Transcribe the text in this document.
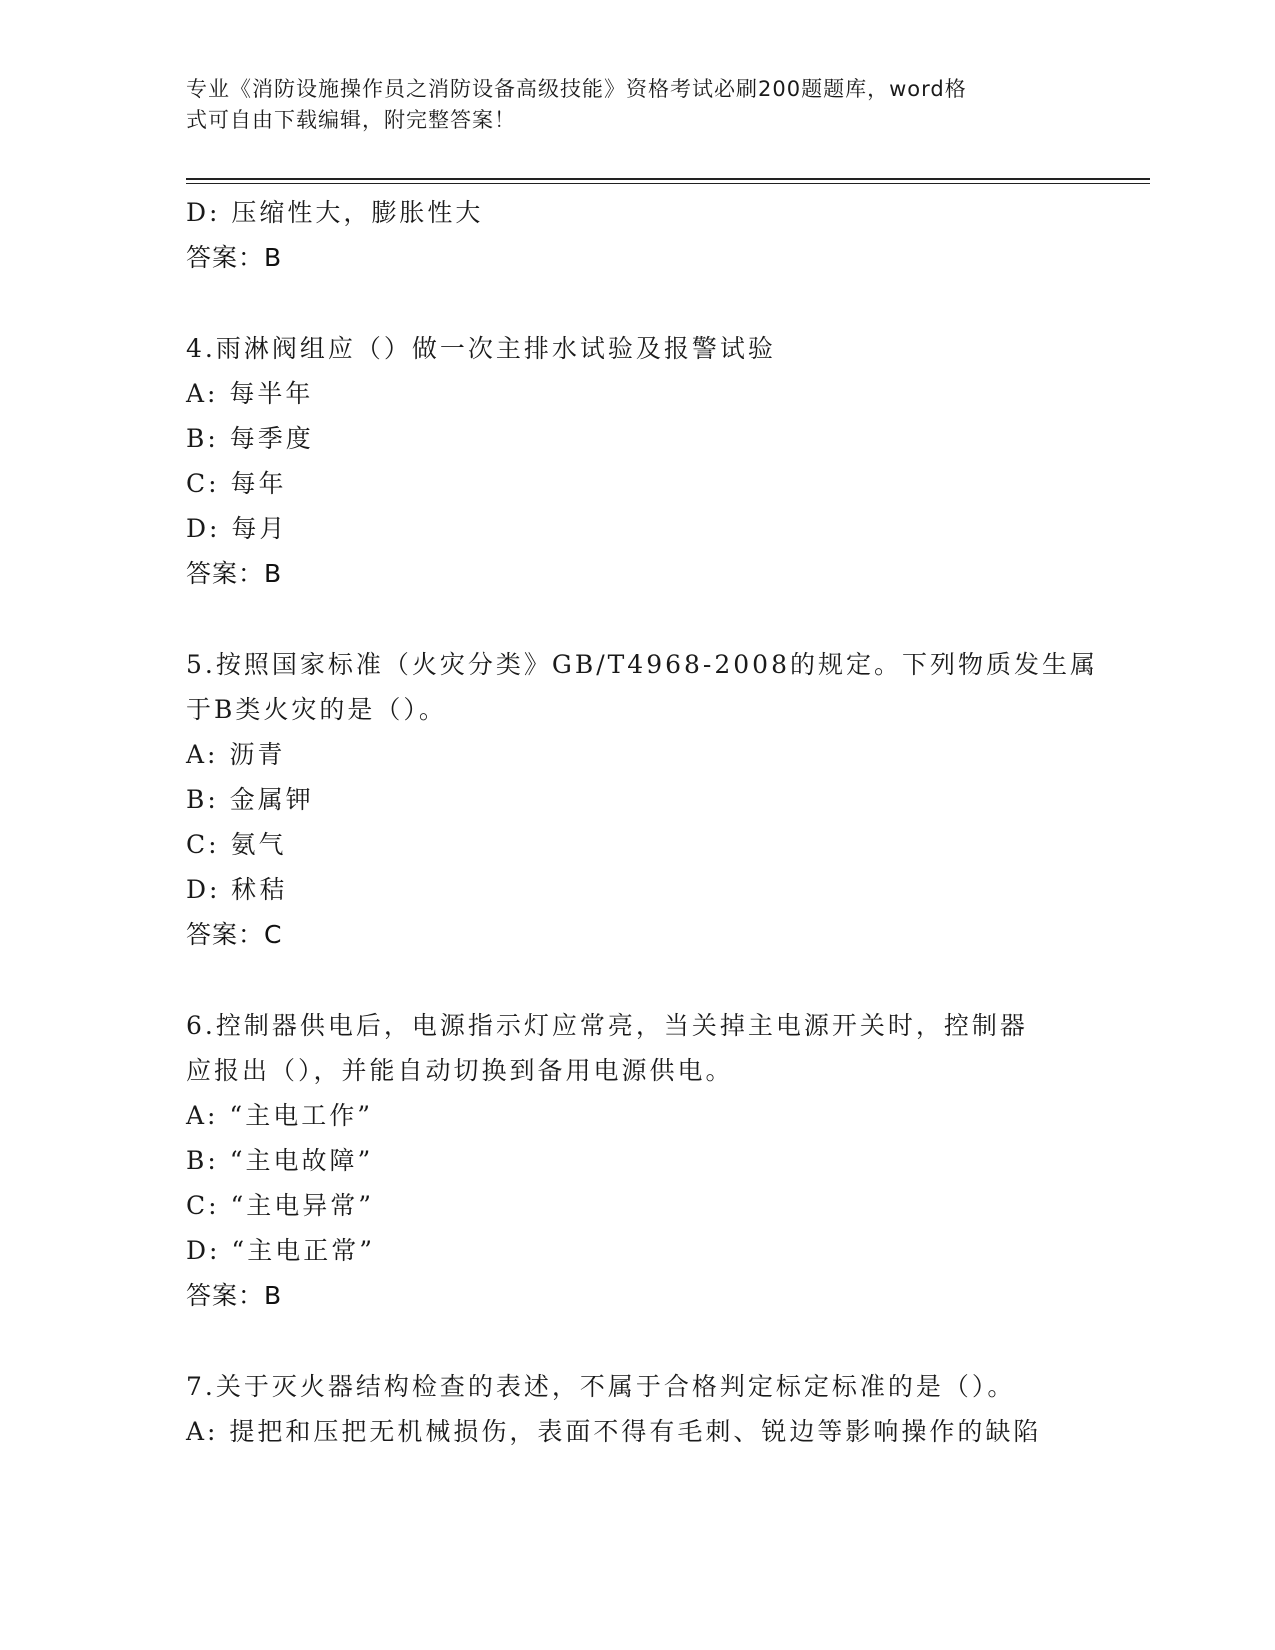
专业《消防设施操作员之消防设备高级技能》资格考试必刷200题题库，word格
式可自由下载编辑，附完整答案！
D: 压缩性大，膨胀性大
答案：B
4.雨淋阀组应（）做一次主排水试验及报警试验
A: 每半年
B: 每季度
C: 每年
D: 每月
答案：B
5.按照国家标准（火灾分类》GB/T4968-2008的规定。下列物质发生属
于B类火灾的是（）。
A: 沥青
B: 金属钾
C: 氨气
D: 秫秸
答案：C
6.控制器供电后，电源指示灯应常亮，当关掉主电源开关时，控制器
应报出（），并能自动切换到备用电源供电。
A: “主电工作”
B: “主电故障”
C: “主电异常”
D: “主电正常”
答案：B
7.关于灭火器结构检查的表述，不属于合格判定标定标准的是（）。
A: 提把和压把无机械损伤，表面不得有毛刺、锐边等影响操作的缺陷
